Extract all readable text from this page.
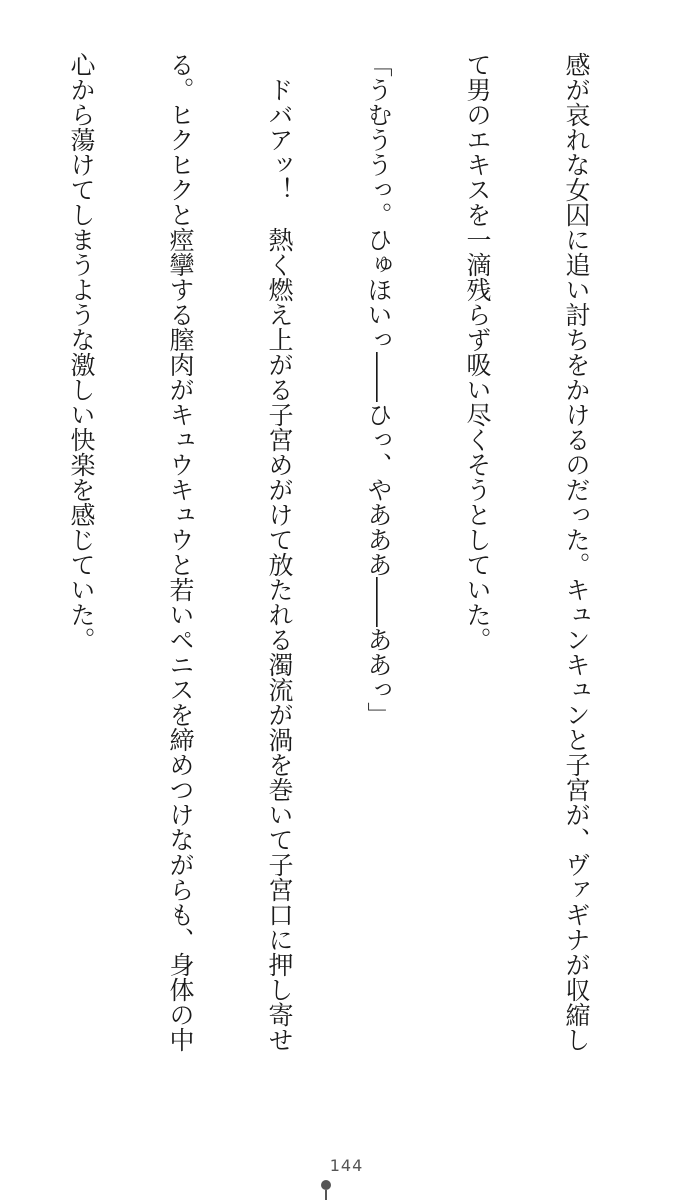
感が哀れな女囚に追い討ちをかけるのだった。キュンキュンと子宮が、ヴァギナが収縮し

て男のエキスを一滴残らず吸い尽くそうとしていた。

「うむううっ。ひゅほいっ――ひっ、やあああ――ああっ」

　ドバアッ！　熱く燃え上がる子宮めがけて放たれる濁流が渦を巻いて子宮口に押し寄せ

る。ヒクヒクと痙攣する膣肉がキュウキュウと若いペニスを締めつけながらも、身体の中

心から蕩けてしまうような激しい快楽を感じていた。

144
